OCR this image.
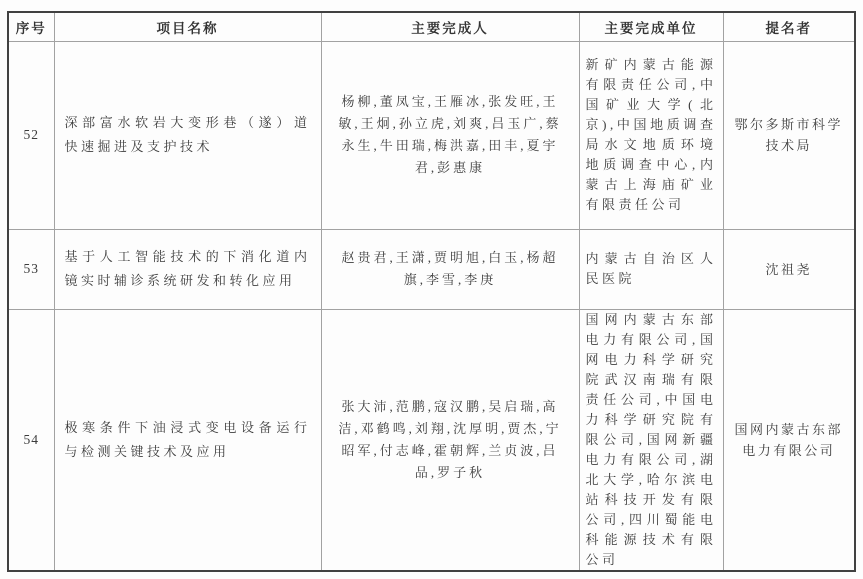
序号	项目名称	主要完成人	主要完成单位	提名者
52	深部富水软岩大变形巷（遂）道快速掘进及支护技术	杨柳,董凤宝,王雁冰,张发旺,王敏,王炯,孙立虎,刘爽,吕玉广,蔡永生,牛田瑞,梅洪嘉,田丰,夏宇君,彭惠康	新矿内蒙古能源有限责任公司,中国矿业大学(北京),中国地质调查局水文地质环境地质调查中心,内蒙古上海庙矿业有限责任公司	鄂尔多斯市科学技术局
53	基于人工智能技术的下消化道内镜实时辅诊系统研发和转化应用	赵贵君,王潇,贾明旭,白玉,杨超旗,李雪,李庚	内蒙古自治区人民医院	沈祖尧
54	极寒条件下油浸式变电设备运行与检测关键技术及应用	张大沛,范鹏,寇汉鹏,吴启瑞,高洁,邓鹤鸣,刘翔,沈厚明,贾杰,宁昭军,付志峰,霍朝辉,兰贞波,吕品,罗子秋	国网内蒙古东部电力有限公司,国网电力科学研究院武汉南瑞有限责任公司,中国电力科学研究院有限公司,国网新疆电力有限公司,湖北大学,哈尔滨电站科技开发有限公司,四川蜀能电科能源技术有限公司	国网内蒙古东部电力有限公司
